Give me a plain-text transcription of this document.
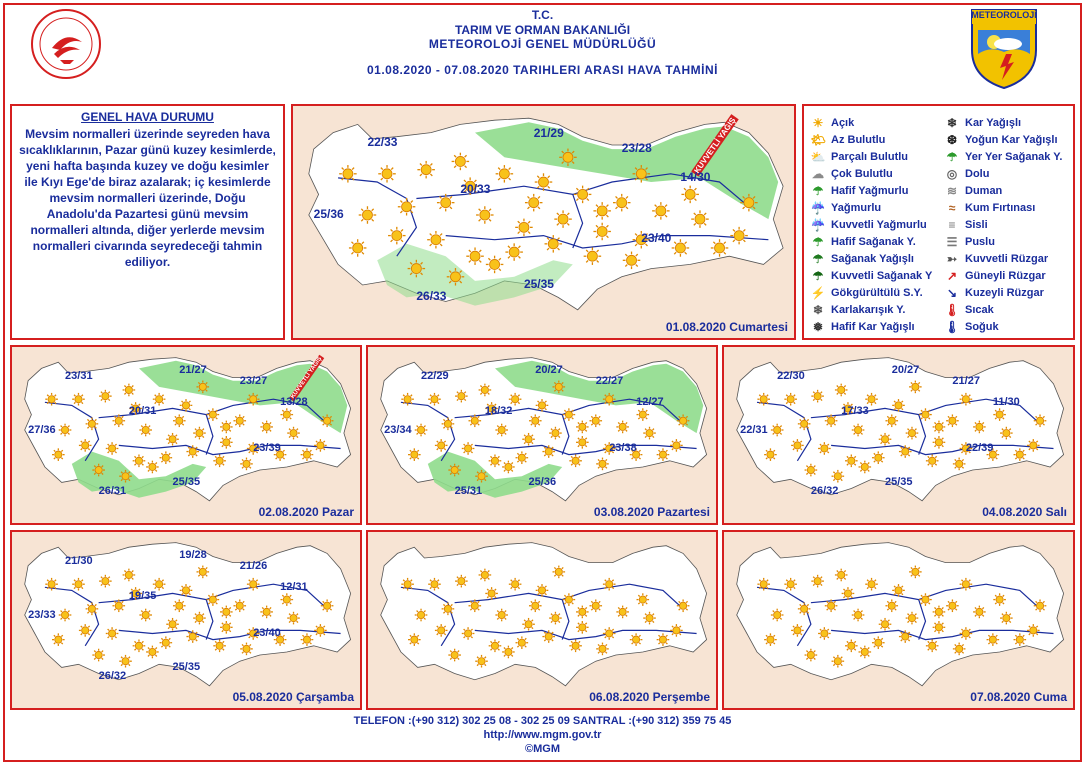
METEOROLOJİ
T.C.
TARIM VE ORMAN BAKANLIĞI
METEOROLOJİ GENEL MÜDÜRLÜĞÜ
01.08.2020 - 07.08.2020 TARIHLERI ARASI HAVA TAHMİNİ
GENEL HAVA DURUMU
Mevsim normalleri üzerinde seyreden hava sıcaklıklarının, Pazar günü kuzey kesimlerde, yeni hafta başında kuzey ve doğu kesimler ile Kıyı Ege'de biraz azalarak; iç kesimlerde mevsim normalleri üzerinde, Doğu Anadolu'da Pazartesi günü mevsim normalleri altında, diğer yerlerde mevsim normalleri civarında seyredeceği tahmin ediliyor.
KUVVETLİ YAĞIŞ
22/33
21/29
23/28
14/30
20/33
25/36
23/40
25/35
26/33
01.08.2020 Cumartesi
KUVVETLİ YAĞIŞ
23/31
21/27
23/27
13/28
20/31
27/36
23/39
25/35
26/31
02.08.2020 Pazar
22/29
20/27
22/27
12/27
18/32
23/34
23/38
25/36
25/31
03.08.2020 Pazartesi
22/30
20/27
21/27
11/30
17/33
22/31
22/39
25/35
26/32
04.08.2020 Salı
21/30
19/28
21/26
12/31
19/35
23/33
23/40
25/35
26/32
05.08.2020 Çarşamba	06.08.2020 Perşembe	07.08.2020 Cuma
☀ Açık
🌤 Az Bulutlu
⛅ Parçalı Bulutlu
☁ Çok Bulutlu
☂ Hafif Yağmurlu
☔ Yağmurlu
☔ Kuvvetli Yağmurlu
☂ Hafif Sağanak Y.
☂ Sağanak Yağışlı
☂ Kuvvetli Sağanak Y
⚡ Gökgürültülü S.Y.
❄ Karlakarışık Y.
❅ Hafif Kar Yağışlı
❄ Kar Yağışlı
❆ Yoğun Kar Yağışlı
☂ Yer Yer Sağanak Y.
◎ Dolu
≋ Duman
≈ Kum Fırtınası
≡ Sisli
☰ Puslu
➳ Kuvvetli Rüzgar
↗ Güneyli Rüzgar
↘ Kuzeyli Rüzgar
🌡 Sıcak
🌡 Soğuk
TELEFON :(+90 312) 302 25 08 - 302 25 09 SANTRAL :(+90 312) 359 75 45
http://www.mgm.gov.tr
©MGM
